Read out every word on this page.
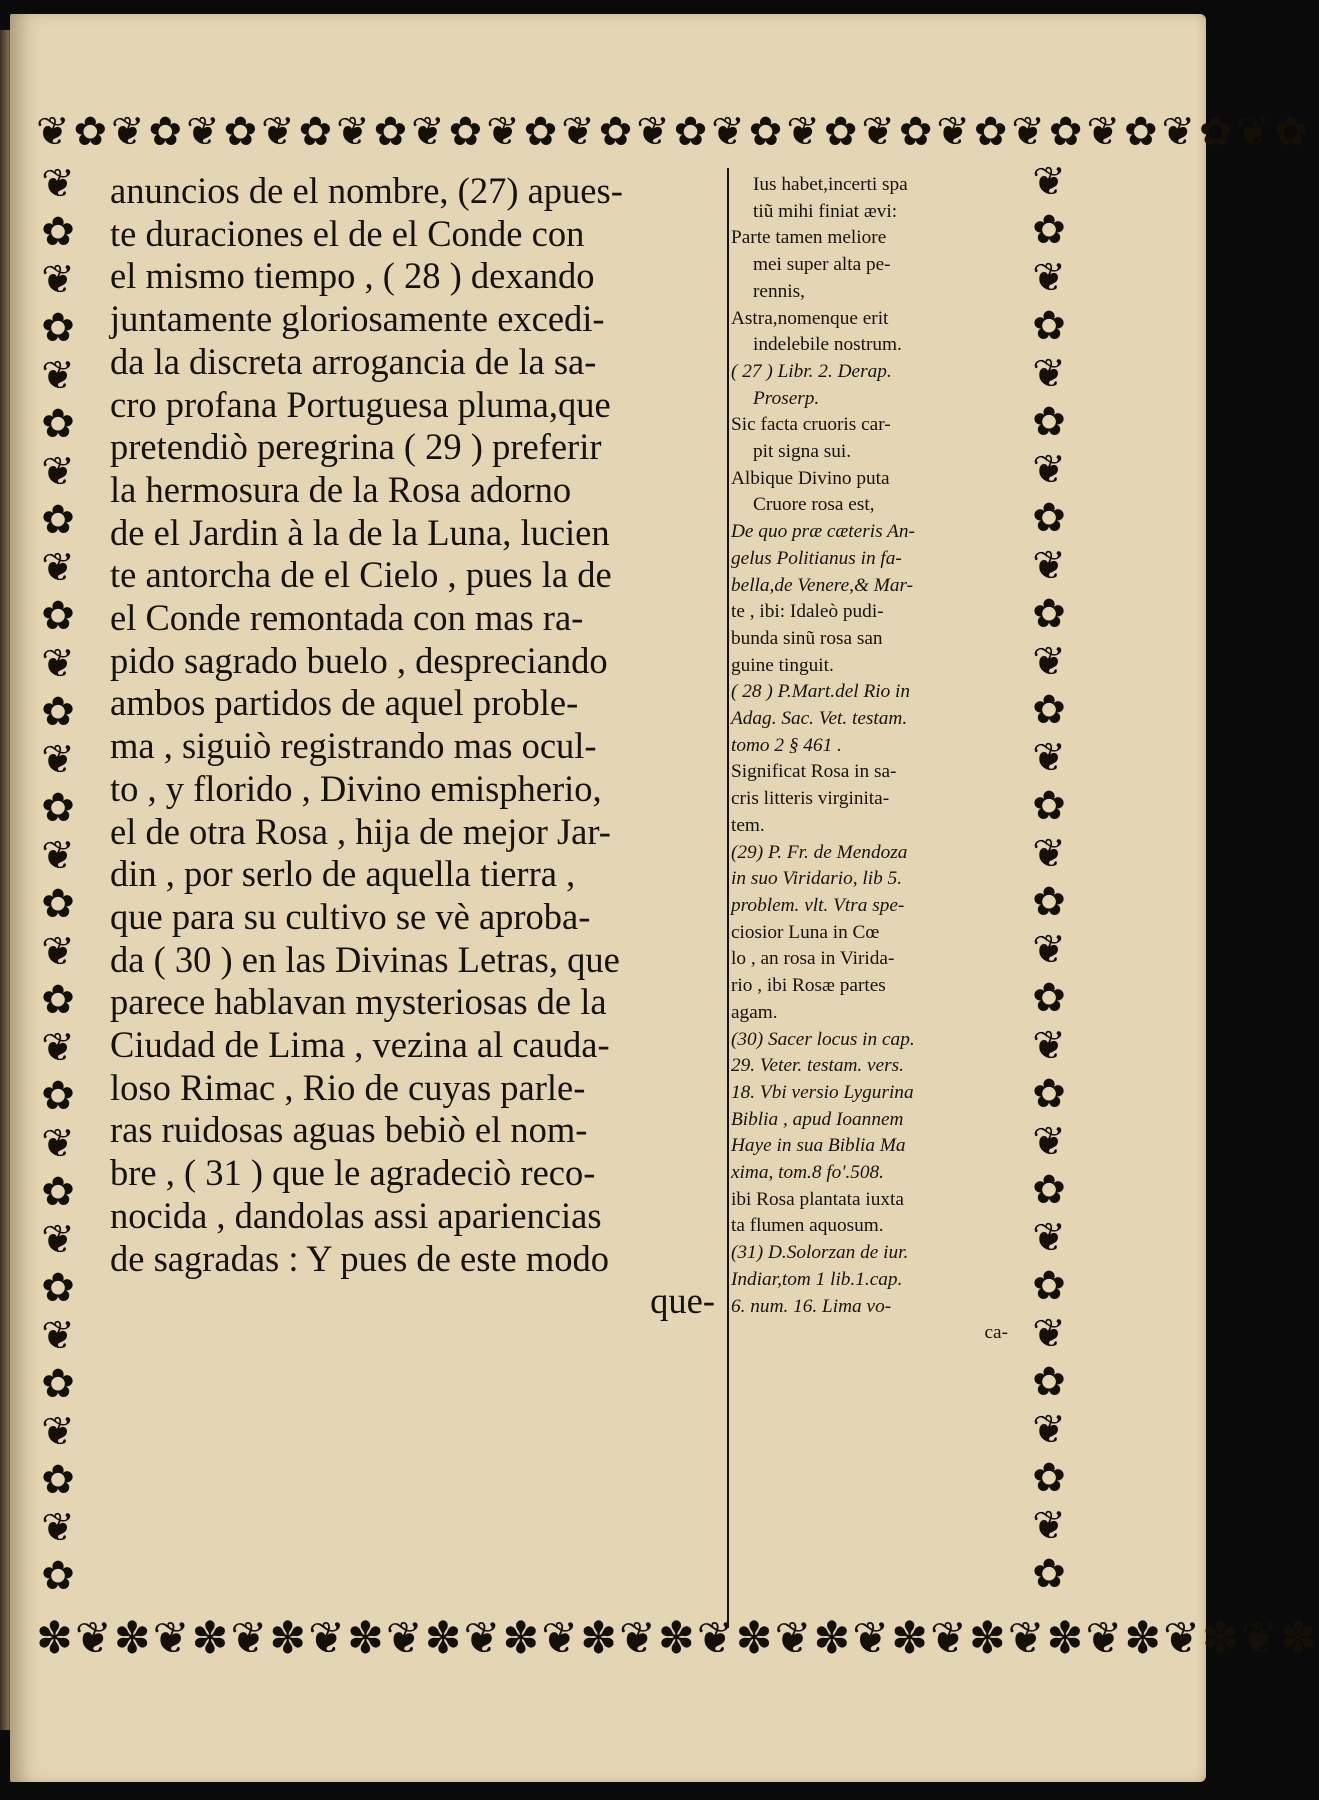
❦✿❦✿❦✿❦✿❦✿❦✿❦✿❦✿❦✿❦✿❦✿❦✿❦✿❦✿❦✿❦✿❦✿
❦
✿
❦
✿
❦
✿
❦
✿
❦
✿
❦
✿
❦
✿
❦
✿
❦
✿
❦
✿
❦
✿
❦
✿
❦
✿
❦
✿
❦
✿
❦
✿
❦
✿
❦
✿
❦
✿
❦
✿
❦
✿
❦
✿
❦
✿
❦
✿
❦
✿
❦
✿
❦
✿
❦
✿
❦
✿
❦
✿
anuncios de el nombre, (27) apues-
te duraciones el de el Conde con
el mismo tiempo , ( 28 ) dexando
juntamente gloriosamente excedi-
da la discreta arrogancia de la sa-
cro profana Portuguesa pluma,que
pretendiò peregrina ( 29 ) preferir
la hermosura de la Rosa adorno
de el Jardin à la de la Luna, lucien
te antorcha de el Cielo , pues la de
el Conde remontada con mas ra-
pido sagrado buelo , despreciando
ambos partidos de aquel proble-
ma , siguiò registrando mas ocul-
to , y florido , Divino emispherio,
el de otra Rosa , hija de mejor Jar-
din , por serlo de aquella tierra ,
que para su cultivo se vè aproba-
da ( 30 ) en las Divinas Letras, que
parece hablavan mysteriosas de la
Ciudad de Lima , vezina al cauda-
loso Rimac , Rio de cuyas parle-
ras ruidosas aguas bebiò el nom-
bre , ( 31 ) que le agradeciò reco-
nocida , dandolas assi apariencias
de sagradas : Y pues de este modo
que-
Ius habet,incerti spa
tiũ mihi finiat ævi:
Parte tamen meliore
mei super alta pe-
rennis,
Astra,nomenque erit
indelebile nostrum.
( 27 ) Libr. 2. Derap.
Proserp.
Sic facta cruoris car-
pit signa sui.
Albique Divino puta
Cruore rosa est,
De quo præ cæteris An-
gelus Politianus in fa-
bella,de Venere,& Mar-
te , ibi: Idaleò pudi-
bunda sinũ rosa san
guine tinguit.
( 28 ) P.Mart.del Rio in
Adag. Sac. Vet. testam.
tomo 2 § 461 .
Significat Rosa in sa-
cris litteris virginita-
tem.
(29) P. Fr. de Mendoza
in suo Viridario, lib 5.
problem. vlt. Vtra spe-
ciosior Luna in Cœ
lo , an rosa in Virida-
rio , ibi Rosæ partes
agam.
(30) Sacer locus in cap.
29. Veter. testam. vers.
18. Vbi versio Lygurina
Biblia , apud Ioannem
Haye in sua Biblia Ma
xima, tom.8 fo'.508.
ibi Rosa plantata iuxta
ta flumen aquosum.
(31) D.Solorzan de iur.
Indiar,tom 1 lib.1.cap.
6. num. 16. Lima vo-
ca-
✽❦✽❦✽❦✽❦✽❦✽❦✽❦✽❦✽❦✽❦✽❦✽❦✽❦✽❦✽❦✽❦✽
